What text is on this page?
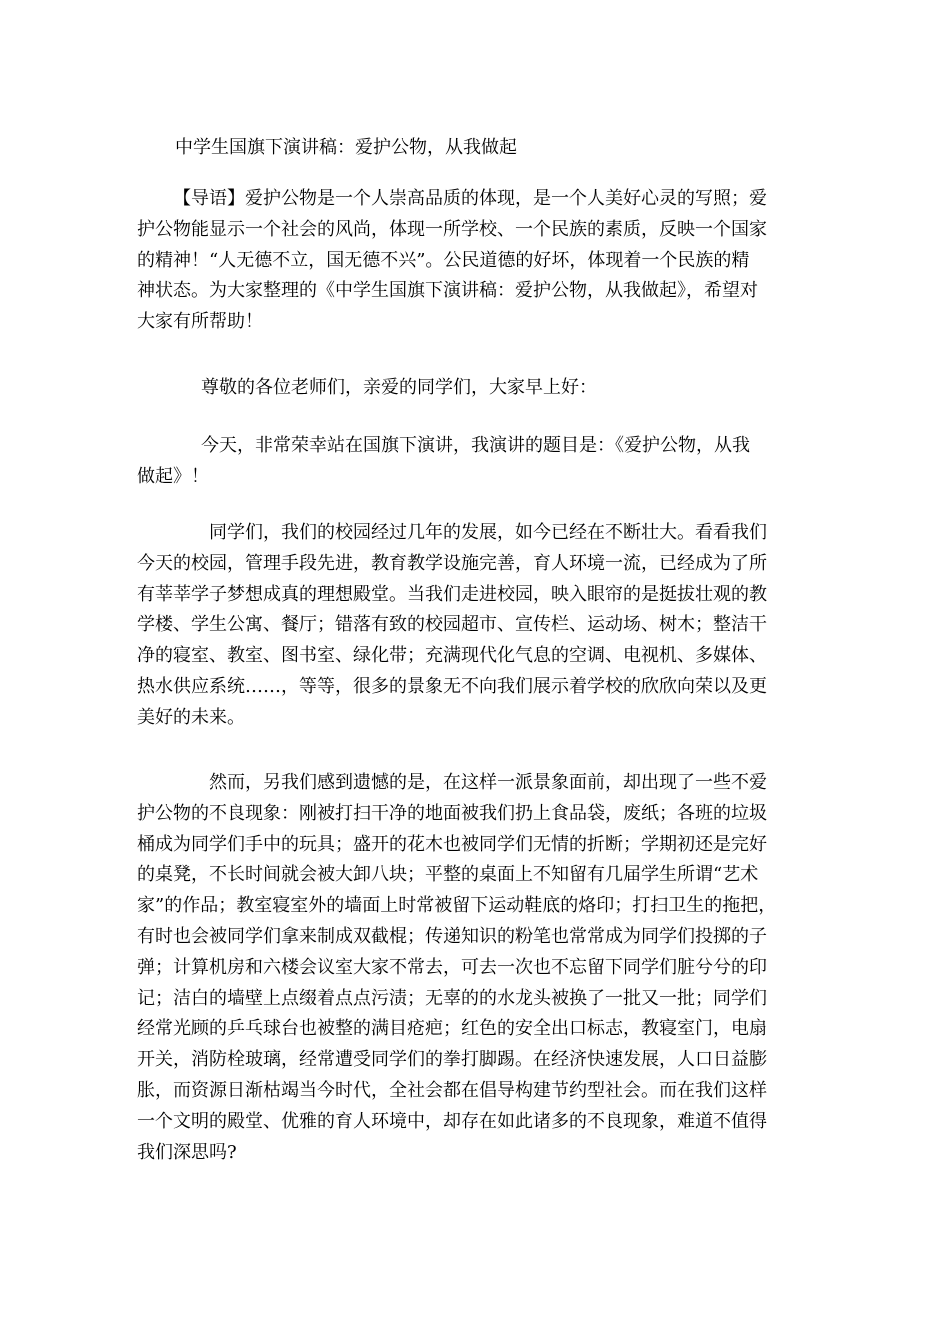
中学生国旗下演讲稿：爱护公物，从我做起
【导语】爱护公物是一个人崇高品质的体现，是一个人美好心灵的写照；爱
护公物能显示一个社会的风尚，体现一所学校、一个民族的素质，反映一个国家
的精神！“人无德不立，国无德不兴”。公民道德的好坏，体现着一个民族的精
神状态。为大家整理的《中学生国旗下演讲稿：爱护公物，从我做起》，希望对
大家有所帮助！
尊敬的各位老师们，亲爱的同学们，大家早上好：
今天，非常荣幸站在国旗下演讲，我演讲的题目是：《爱护公物，从我
做起》！
同学们，我们的校园经过几年的发展，如今已经在不断壮大。看看我们
今天的校园，管理手段先进，教育教学设施完善，育人环境一流，已经成为了所
有莘莘学子梦想成真的理想殿堂。当我们走进校园，映入眼帘的是挺拔壮观的教
学楼、学生公寓、餐厅；错落有致的校园超市、宣传栏、运动场、树木；整洁干
净的寝室、教室、图书室、绿化带；充满现代化气息的空调、电视机、多媒体、
热水供应系统……，等等，很多的景象无不向我们展示着学校的欣欣向荣以及更
美好的未来。
然而，另我们感到遗憾的是，在这样一派景象面前，却出现了一些不爱
护公物的不良现象：刚被打扫干净的地面被我们扔上食品袋，废纸；各班的垃圾
桶成为同学们手中的玩具；盛开的花木也被同学们无情的折断；学期初还是完好
的桌凳，不长时间就会被大卸八块；平整的桌面上不知留有几届学生所谓“艺术
家”的作品；教室寝室外的墙面上时常被留下运动鞋底的烙印；打扫卫生的拖把，
有时也会被同学们拿来制成双截棍；传递知识的粉笔也常常成为同学们投掷的子
弹；计算机房和六楼会议室大家不常去，可去一次也不忘留下同学们脏兮兮的印
记；洁白的墙壁上点缀着点点污渍；无辜的的水龙头被换了一批又一批；同学们
经常光顾的乒乓球台也被整的满目疮疤；红色的安全出口标志，教寝室门，电扇
开关，消防栓玻璃，经常遭受同学们的拳打脚踢。在经济快速发展，人口日益膨
胀，而资源日渐枯竭当今时代，全社会都在倡导构建节约型社会。而在我们这样
一个文明的殿堂、优雅的育人环境中，却存在如此诸多的不良现象，难道不值得
我们深思吗?
